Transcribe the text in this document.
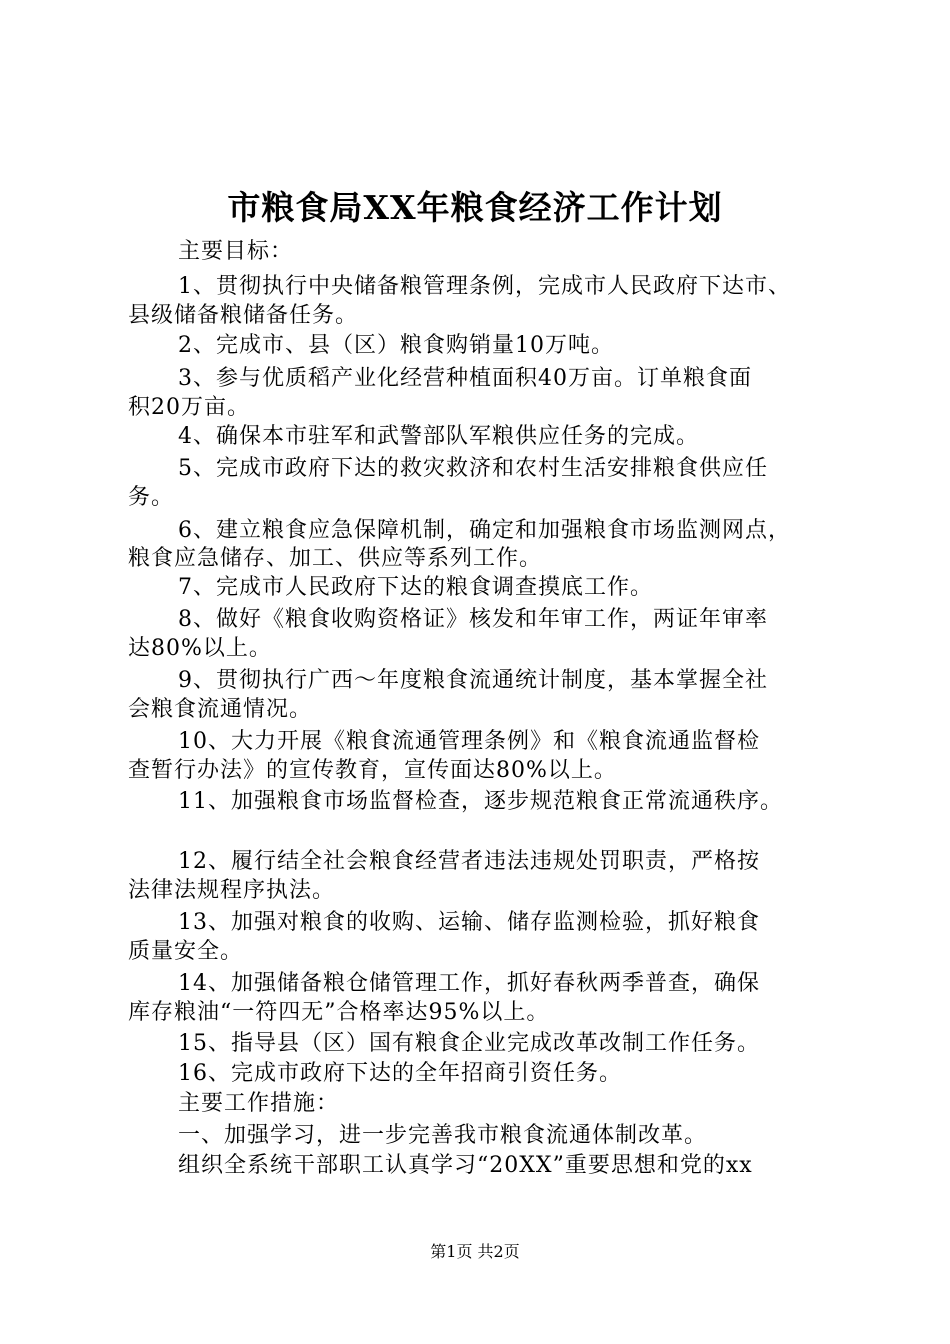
市粮食局XX年粮食经济工作计划
主要目标：
1、贯彻执行中央储备粮管理条例，完成市人民政府下达市、
县级储备粮储备任务。
2、完成市、县（区）粮食购销量10万吨。
3、参与优质稻产业化经营种植面积40万亩。订单粮食面
积20万亩。
4、确保本市驻军和武警部队军粮供应任务的完成。
5、完成市政府下达的救灾救济和农村生活安排粮食供应任
务。
6、建立粮食应急保障机制，确定和加强粮食市场监测网点，
粮食应急储存、加工、供应等系列工作。
7、完成市人民政府下达的粮食调查摸底工作。
8、做好《粮食收购资格证》核发和年审工作，两证年审率
达80%以上。
9、贯彻执行广西～年度粮食流通统计制度，基本掌握全社
会粮食流通情况。
10、大力开展《粮食流通管理条例》和《粮食流通监督检
查暂行办法》的宣传教育，宣传面达80%以上。
11、加强粮食市场监督检查，逐步规范粮食正常流通秩序。
12、履行结全社会粮食经营者违法违规处罚职责，严格按
法律法规程序执法。
13、加强对粮食的收购、运输、储存监测检验，抓好粮食
质量安全。
14、加强储备粮仓储管理工作，抓好春秋两季普查，确保
库存粮油“一符四无”合格率达95%以上。
15、指导县（区）国有粮食企业完成改革改制工作任务。
16、完成市政府下达的全年招商引资任务。
主要工作措施：
一、加强学习，进一步完善我市粮食流通体制改革。
组织全系统干部职工认真学习“20XX”重要思想和党的xx
第1页 共2页
